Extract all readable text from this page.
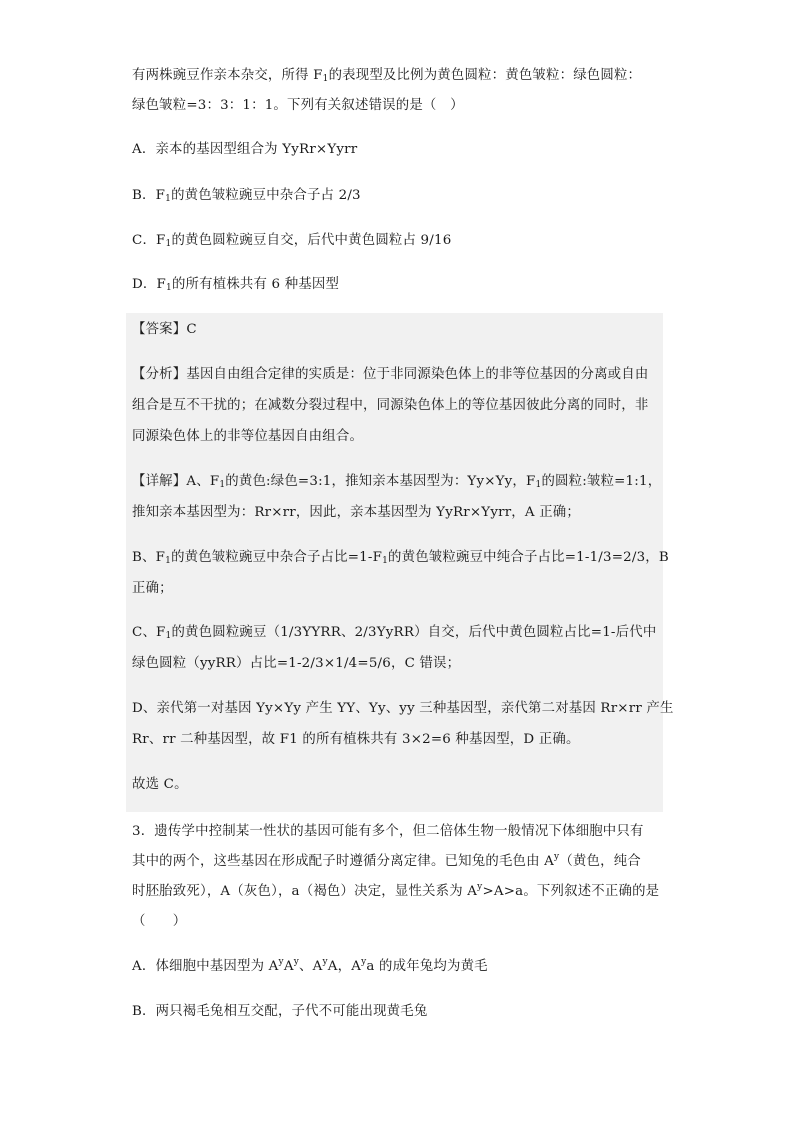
有两株豌豆作亲本杂交，所得 $F_1$的表现型及比例为黄色圆粒：黄色皱粒：绿色圆粒：
绿色皱粒=3：3：1：1。下列有关叙述错误的是（　）
A．亲本的基因型组合为 YyRr×Yyrr
B．$F_1$的黄色皱粒豌豆中杂合子占 2/3
C．$F_1$的黄色圆粒豌豆自交，后代中黄色圆粒占 9/16
D．$F_1$的所有植株共有 6 种基因型
【答案】C
【分析】基因自由组合定律的实质是：位于非同源染色体上的非等位基因的分离或自由
组合是互不干扰的；在减数分裂过程中，同源染色体上的等位基因彼此分离的同时，非
同源染色体上的非等位基因自由组合。
【详解】A、$F_1$的黄色:绿色=3:1，推知亲本基因型为：Yy×Yy，$F_1$的圆粒:皱粒=1:1，
推知亲本基因型为：Rr×rr，因此，亲本基因型为 YyRr×Yyrr，A 正确；
B、$F_1$的黄色皱粒豌豆中杂合子占比$=1-F_1$的黄色皱粒豌豆中纯合子占比=1-1/3=2/3，B
正确；
C、$F_1$的黄色圆粒豌豆（1/3YYRR、2/3YyRR）自交，后代中黄色圆粒占比=1-后代中
绿色圆粒（yyRR）占比=1-2/3×1/4=5/6，C 错误；
D、亲代第一对基因 Yy×Yy 产生 YY、Yy、yy 三种基因型，亲代第二对基因 Rr×rr 产生
Rr、rr 二种基因型，故 F1 的所有植株共有 3×2=6 种基因型，D 正确。
故选 C。
3．遗传学中控制某一性状的基因可能有多个，但二倍体生物一般情况下体细胞中只有
其中的两个，这些基因在形成配子时遵循分离定律。已知兔的毛色由 $A^y$（黄色，纯合
时胚胎致死），A（灰色），a（褐色）决定，显性关系为 $A^y>A>a$。下列叙述不正确的是
（　　）
A．体细胞中基因型为 $A^yA^y$、$A^yA$，$A^ya$ 的成年兔均为黄毛
B．两只褐毛兔相互交配，子代不可能出现黄毛兔
